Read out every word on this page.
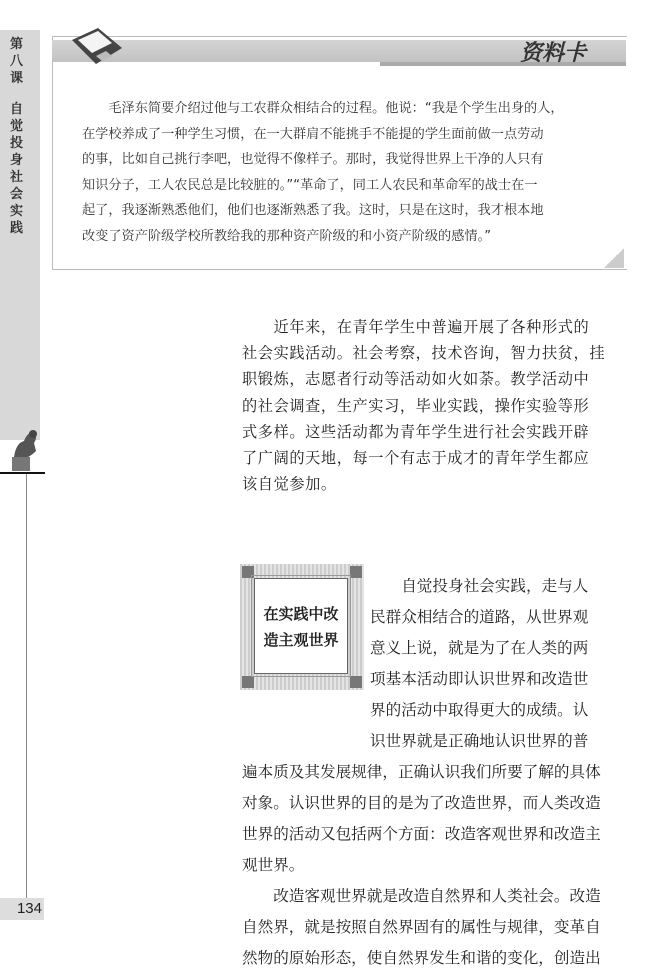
第八课
自觉投身社会实践
134
资料卡
　　毛泽东简要介绍过他与工农群众相结合的过程。他说：“我是个学生出身的人，
在学校养成了一种学生习惯，在一大群肩不能挑手不能提的学生面前做一点劳动
的事，比如自己挑行李吧，也觉得不像样子。那时，我觉得世界上干净的人只有
知识分子，工人农民总是比较脏的。”“革命了，同工人农民和革命军的战士在一
起了，我逐渐熟悉他们，他们也逐渐熟悉了我。这时，只是在这时，我才根本地
改变了资产阶级学校所教给我的那种资产阶级的和小资产阶级的感情。”
　　近年来，在青年学生中普遍开展了各种形式的
社会实践活动。社会考察，技术咨询，智力扶贫，挂
职锻炼，志愿者行动等活动如火如荼。教学活动中
的社会调查，生产实习，毕业实践，操作实验等形
式多样。这些活动都为青年学生进行社会实践开辟
了广阔的天地，每一个有志于成才的青年学生都应
该自觉参加。
在实践中改
造主观世界
　　自觉投身社会实践，走与人
民群众相结合的道路，从世界观
意义上说，就是为了在人类的两
项基本活动即认识世界和改造世
界的活动中取得更大的成绩。认
识世界就是正确地认识世界的普
遍本质及其发展规律，正确认识我们所要了解的具体
对象。认识世界的目的是为了改造世界，而人类改造
世界的活动又包括两个方面：改造客观世界和改造主
观世界。
　　改造客观世界就是改造自然界和人类社会。改造
自然界，就是按照自然界固有的属性与规律，变革自
然物的原始形态，使自然界发生和谐的变化，创造出
